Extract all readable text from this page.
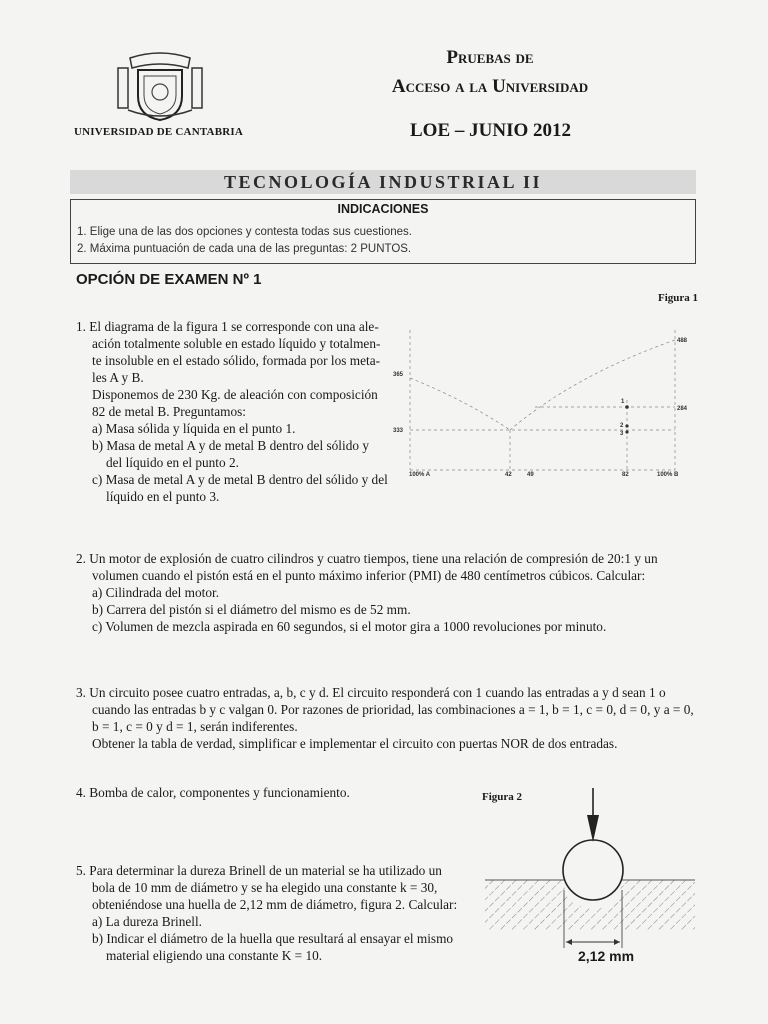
UNIVERSIDAD DE CANTABRIA
Pruebas de
Acceso a la Universidad
LOE – JUNIO 2012
TECNOLOGÍA INDUSTRIAL II
INDICACIONES
1. Elige una de las dos opciones y contesta todas sus cuestiones.
2. Máxima puntuación de cada una de las preguntas: 2 PUNTOS.
OPCIÓN DE EXAMEN Nº 1
Figura 1
1. El diagrama de la figura 1 se corresponde con una ale-
ación totalmente soluble en estado líquido y totalmen-
te insoluble en el estado sólido, formada por los meta-
les A y B.
Disponemos de 230 Kg. de aleación con composición
82 de metal B. Preguntamos:
a) Masa sólida y líquida en el punto 1.
b) Masa de metal A y de metal B dentro del sólido y
del líquido en el punto 2.
c) Masa de metal A y de metal B dentro del sólido y del
líquido en el punto 3.
488
365
284
333
100% A	42	49	82	100% B
1
2
3
2. Un motor de explosión de cuatro cilindros y cuatro tiempos, tiene una relación de compresión de 20:1 y un
volumen cuando el pistón está en el punto máximo inferior (PMI) de 480 centímetros cúbicos. Calcular:
a) Cilindrada del motor.
b) Carrera del pistón si el diámetro del mismo es de 52 mm.
c) Volumen de mezcla aspirada en 60 segundos, si el motor gira a 1000 revoluciones por minuto.
3. Un circuito posee cuatro entradas, a, b, c y d. El circuito responderá con 1 cuando las entradas a y d sean 1 o
cuando las entradas b y c valgan 0. Por razones de prioridad, las combinaciones a = 1, b = 1, c = 0, d = 0, y a = 0,
b = 1, c = 0 y d = 1, serán indiferentes.
Obtener la tabla de verdad, simplificar e implementar el circuito con puertas NOR de dos entradas.
4. Bomba de calor, componentes y funcionamiento.	Figura 2
5. Para determinar la dureza Brinell de un material se ha utilizado un
bola de 10 mm de diámetro y se ha elegido una constante k = 30,
obteniéndose una huella de 2,12 mm de diámetro, figura 2. Calcular:
a) La dureza Brinell.
b) Indicar el diámetro de la huella que resultará al ensayar el mismo
material eligiendo una constante K = 10.	2,12 mm
